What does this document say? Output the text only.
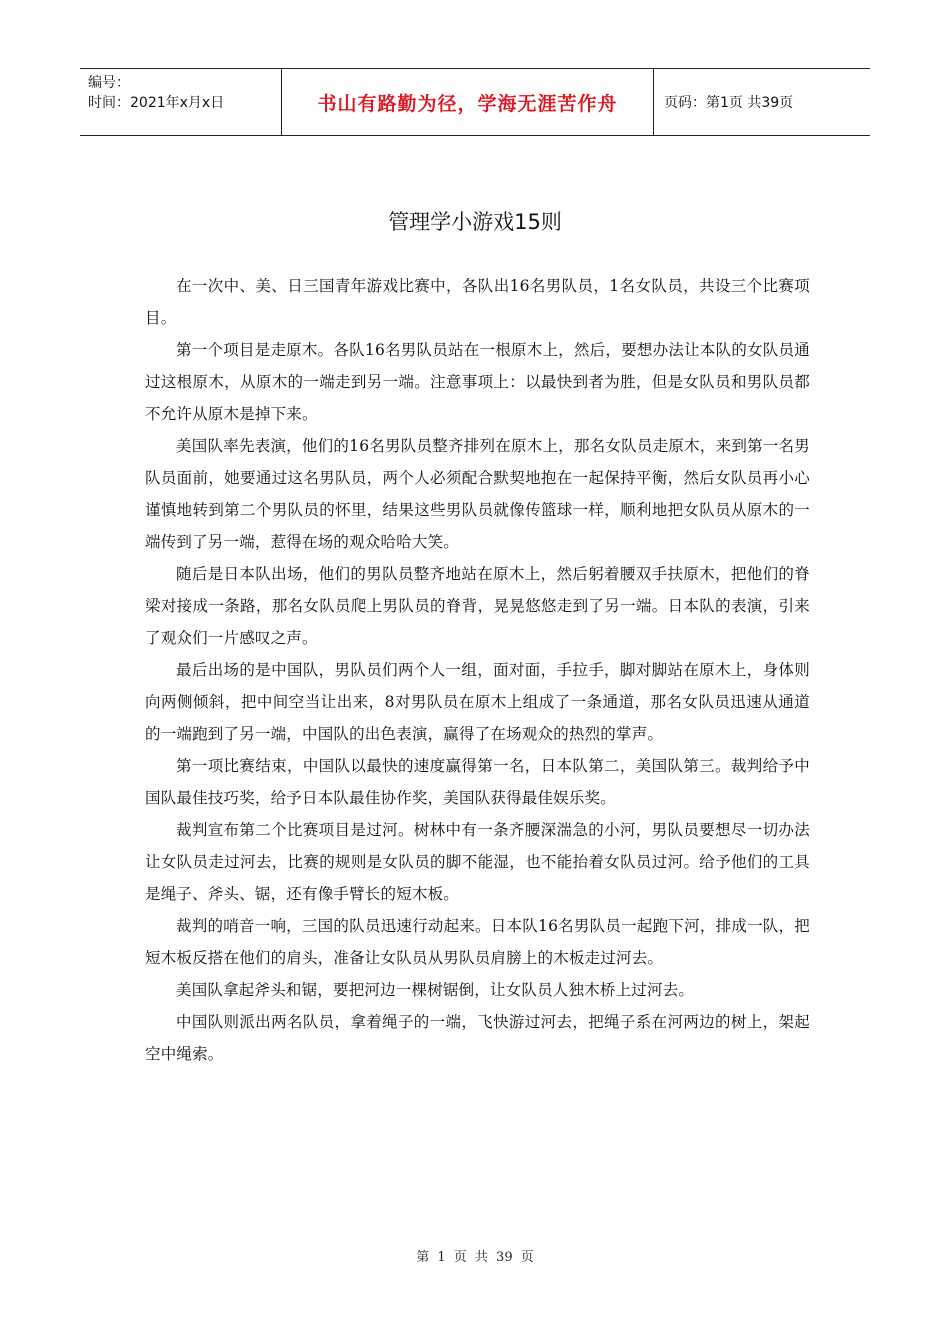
编号：
时间：2021年x月x日	书山有路勤为径，学海无涯苦作舟	页码：第1页 共39页
管理学小游戏15则

在一次中、美、日三国青年游戏比赛中，各队出16名男队员，1名女队员，共设三个比赛项目。

第一个项目是走原木。各队16名男队员站在一根原木上，然后，要想办法让本队的女队员通过这根原木，从原木的一端走到另一端。注意事项上：以最快到者为胜，但是女队员和男队员都不允许从原木是掉下来。

美国队率先表演，他们的16名男队员整齐排列在原木上，那名女队员走原木，来到第一名男队员面前，她要通过这名男队员，两个人必须配合默契地抱在一起保持平衡，然后女队员再小心谨慎地转到第二个男队员的怀里，结果这些男队员就像传篮球一样，顺利地把女队员从原木的一端传到了另一端，惹得在场的观众哈哈大笑。

随后是日本队出场，他们的男队员整齐地站在原木上，然后躬着腰双手扶原木，把他们的脊梁对接成一条路，那名女队员爬上男队员的脊背，晃晃悠悠走到了另一端。日本队的表演，引来了观众们一片感叹之声。

最后出场的是中国队，男队员们两个人一组，面对面，手拉手，脚对脚站在原木上，身体则向两侧倾斜，把中间空当让出来，8对男队员在原木上组成了一条通道，那名女队员迅速从通道的一端跑到了另一端，中国队的出色表演，赢得了在场观众的热烈的掌声。

第一项比赛结束，中国队以最快的速度赢得第一名，日本队第二，美国队第三。裁判给予中国队最佳技巧奖，给予日本队最佳协作奖，美国队获得最佳娱乐奖。

裁判宣布第二个比赛项目是过河。树林中有一条齐腰深湍急的小河，男队员要想尽一切办法让女队员走过河去，比赛的规则是女队员的脚不能湿，也不能抬着女队员过河。给予他们的工具是绳子、斧头、锯，还有像手臂长的短木板。

裁判的哨音一响，三国的队员迅速行动起来。日本队16名男队员一起跑下河，排成一队，把短木板反搭在他们的肩头，准备让女队员从男队员肩膀上的木板走过河去。

美国队拿起斧头和锯，要把河边一棵树锯倒，让女队员人独木桥上过河去。

中国队则派出两名队员，拿着绳子的一端，飞快游过河去，把绳子系在河两边的树上，架起空中绳索。

第 1 页 共 39 页
